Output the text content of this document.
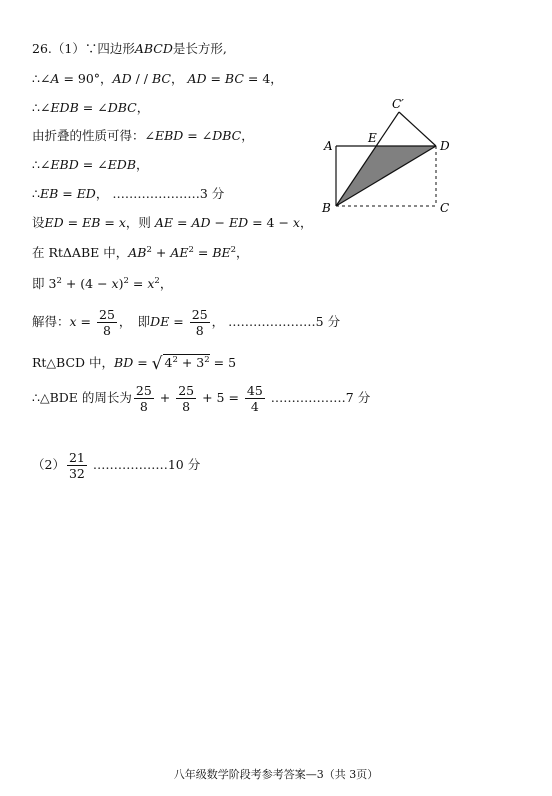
26.（1）∵四边形ABCD是长方形,
∴∠A = 90°，AD / / BC， AD = BC = 4，
∴∠EDB = ∠DBC，
由折叠的性质可得：∠EBD = ∠DBC，
∴∠EBD = ∠EDB，
∴EB = ED， …………………3 分
设ED = EB = x，则 AE = AD − ED = 4 − x，
在 RtΔABE 中，$AB^2 + AE^2 = BE^2$，
即 $3^2 + (4 - x)^2 = x^2$，
解得：$x = \frac{25}{8}$ ，　即DE = $\frac{25}{8}$ ， …………………5 分
Rt△BCD 中，BD = √ $4^2 + 3^2 = 5$
∴△BDE 的周长为 $\frac{25}{8} + \frac{25}{8} + 5 = \frac{45}{4}$ ………………7 分
$(2) \frac{21}{32}$ ………………10 分
A
B	C
D
E
C′
八年级数学阶段考参考答案—3（共 3页）
